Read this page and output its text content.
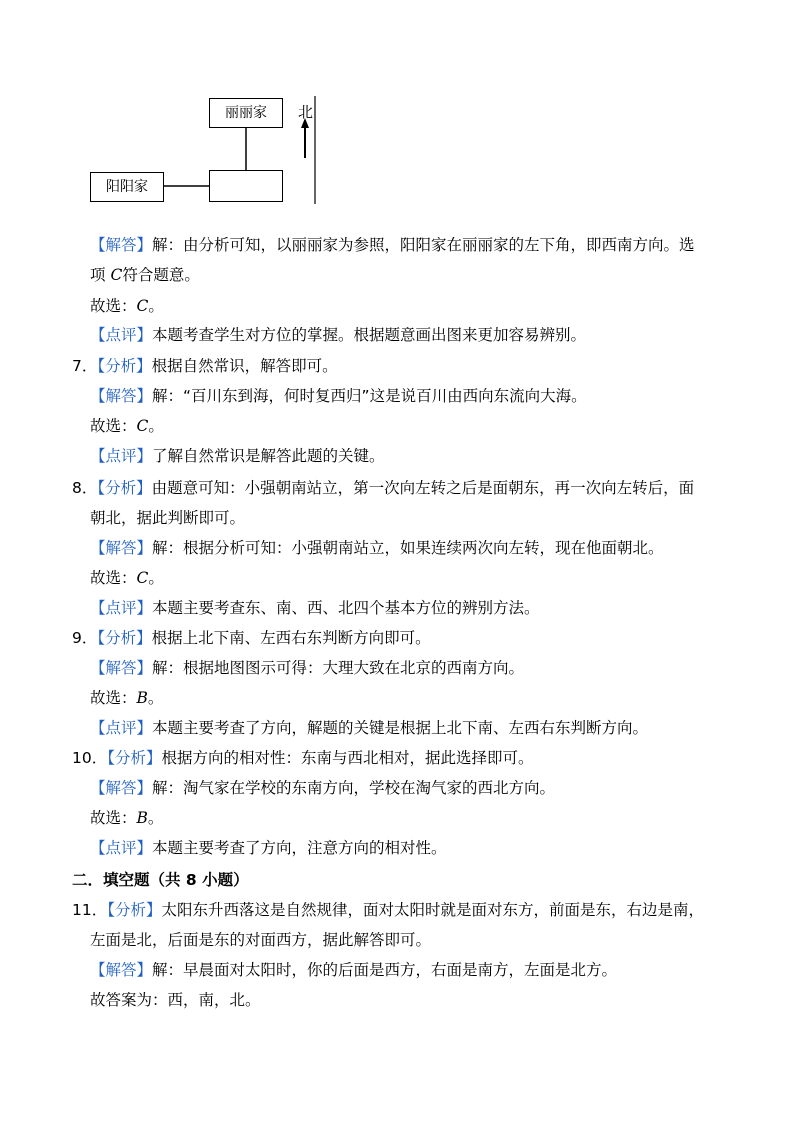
丽丽家
阳阳家
北
【解答】解：由分析可知，以丽丽家为参照，阳阳家在丽丽家的左下角，即西南方向。选
项 C符合题意。
故选：C。
【点评】本题考查学生对方位的掌握。根据题意画出图来更加容易辨别。
7．【分析】根据自然常识，解答即可。
【解答】解：“百川东到海，何时复西归”这是说百川由西向东流向大海。
故选：C。
【点评】了解自然常识是解答此题的关键。
8．【分析】由题意可知：小强朝南站立，第一次向左转之后是面朝东，再一次向左转后，面
朝北，据此判断即可。
【解答】解：根据分析可知：小强朝南站立，如果连续两次向左转，现在他面朝北。
故选：C。
【点评】本题主要考查东、南、西、北四个基本方位的辨别方法。
9．【分析】根据上北下南、左西右东判断方向即可。
【解答】解：根据地图图示可得：大理大致在北京的西南方向。
故选：B。
【点评】本题主要考查了方向，解题的关键是根据上北下南、左西右东判断方向。
10．【分析】根据方向的相对性：东南与西北相对，据此选择即可。
【解答】解：淘气家在学校的东南方向，学校在淘气家的西北方向。
故选：B。
【点评】本题主要考查了方向，注意方向的相对性。
二．填空题（共 8 小题）
11．【分析】太阳东升西落这是自然规律，面对太阳时就是面对东方，前面是东，右边是南，
左面是北，后面是东的对面西方，据此解答即可。
【解答】解：早晨面对太阳时，你的后面是西方，右面是南方，左面是北方。
故答案为：西，南，北。
